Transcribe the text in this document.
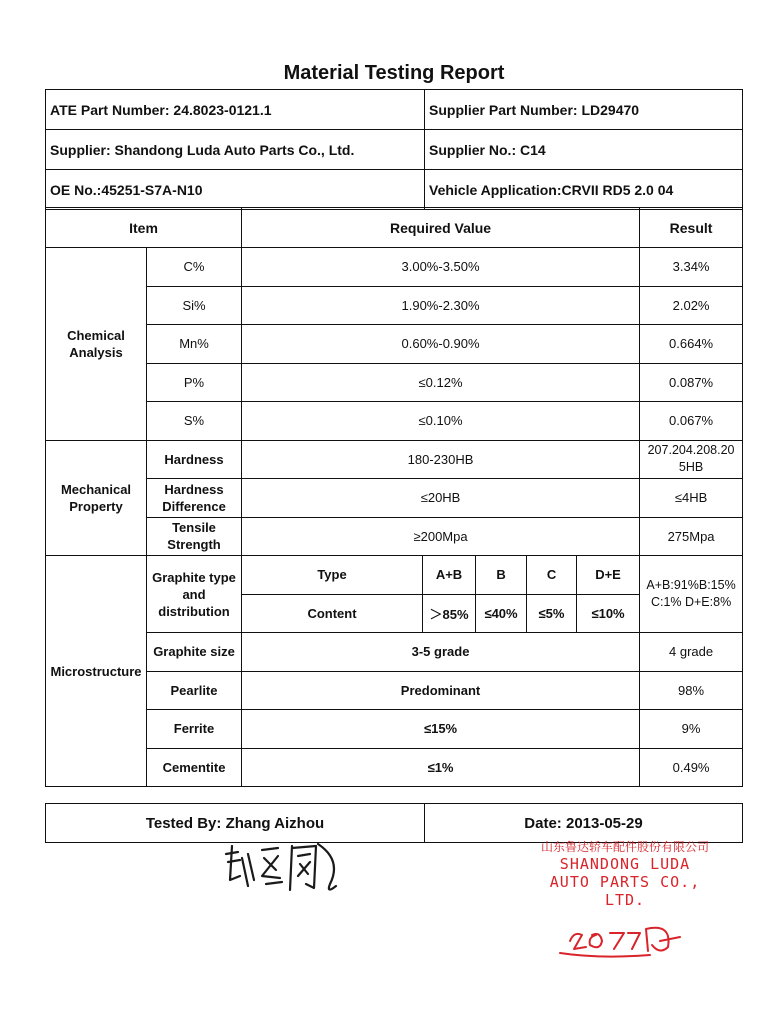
Material Testing Report
ATE Part Number: 24.8023-0121.1	Supplier Part Number: LD29470
Supplier: Shandong Luda Auto Parts Co., Ltd.	Supplier No.: C14
OE No.:45251-S7A-N10	Vehicle Application:CRVII RD5 2.0 04
Item		Required Value					Result
Chemical
Analysis	C%	3.00%-3.50%					3.34%
	Si%	1.90%-2.30%					2.02%
	Mn%	0.60%-0.90%					0.664%
	P%	≤0.12%					0.087%
	S%	≤0.10%					0.067%
Mechanical
Property	Hardness	180-230HB					207.204.208.20
5HB
	Hardness
Difference	≤20HB					≤4HB
	Tensile
Strength	≥200Mpa					275Mpa
Microstructure	Graphite type
and
distribution	Type	A+B	B	C	D+E	A+B:91%B:15%
C:1% D+E:8%
		Content	＞85%	≤40%	≤5%	≤10%	
	Graphite size	3-5 grade					4 grade
	Pearlite	Predominant					98%
	Ferrite	≤15%					9%
	Cementite	≤1%					0.49%
Tested By: Zhang Aizhou	Date: 2013-05-29
山东鲁达轿车配件股份有限公司
SHANDONG LUDA
AUTO PARTS CO., LTD.
